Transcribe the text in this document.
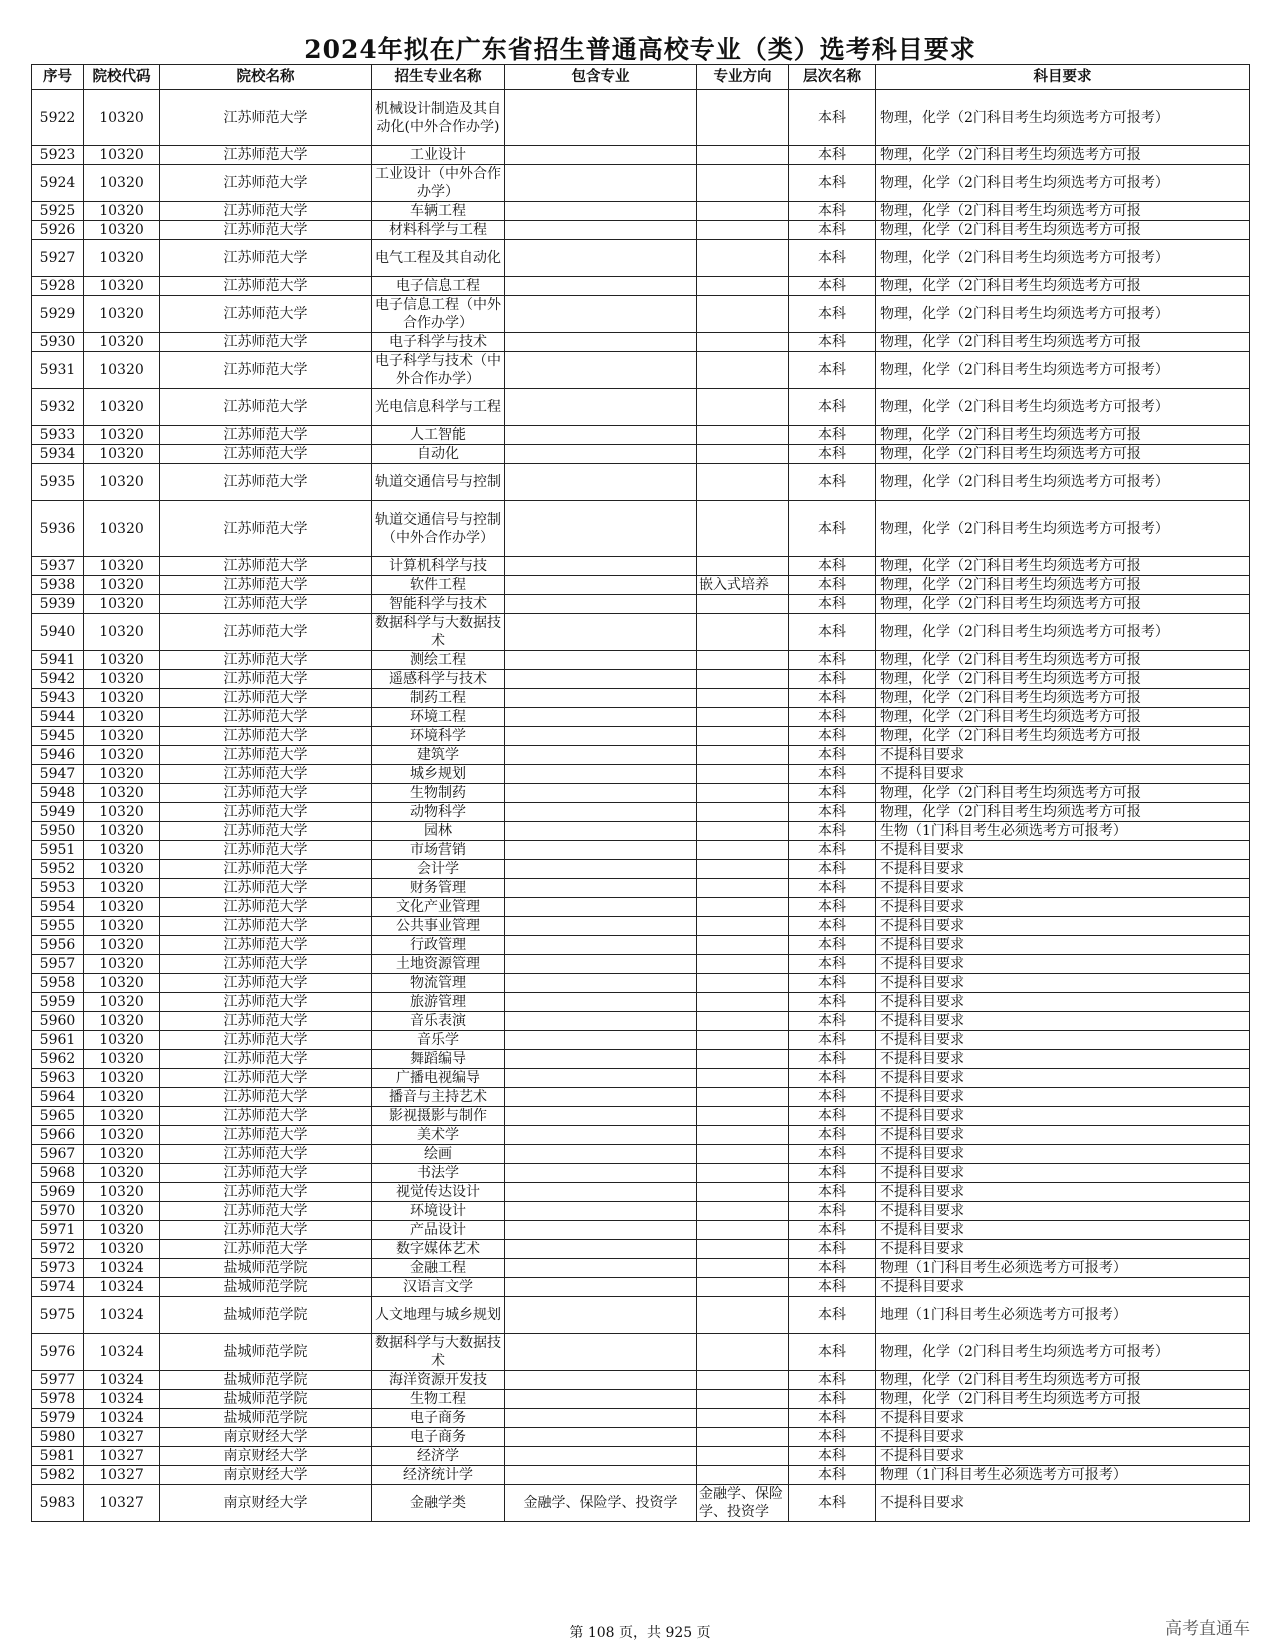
2024年拟在广东省招生普通高校专业（类）选考科目要求
序号	院校代码	院校名称	招生专业名称	包含专业	专业方向	层次名称	科目要求
5922	10320	江苏师范大学	机械设计制造及其自动化(中外合作办学)			本科	物理，化学（2门科目考生均须选考方可报考）
5923	10320	江苏师范大学	工业设计			本科	物理，化学（2门科目考生均须选考方可报
5924	10320	江苏师范大学	工业设计（中外合作办学）			本科	物理，化学（2门科目考生均须选考方可报考）
5925	10320	江苏师范大学	车辆工程			本科	物理，化学（2门科目考生均须选考方可报
5926	10320	江苏师范大学	材料科学与工程			本科	物理，化学（2门科目考生均须选考方可报
5927	10320	江苏师范大学	电气工程及其自动化			本科	物理，化学（2门科目考生均须选考方可报考）
5928	10320	江苏师范大学	电子信息工程			本科	物理，化学（2门科目考生均须选考方可报
5929	10320	江苏师范大学	电子信息工程（中外合作办学）			本科	物理，化学（2门科目考生均须选考方可报考）
5930	10320	江苏师范大学	电子科学与技术			本科	物理，化学（2门科目考生均须选考方可报
5931	10320	江苏师范大学	电子科学与技术（中外合作办学）			本科	物理，化学（2门科目考生均须选考方可报考）
5932	10320	江苏师范大学	光电信息科学与工程			本科	物理，化学（2门科目考生均须选考方可报考）
5933	10320	江苏师范大学	人工智能			本科	物理，化学（2门科目考生均须选考方可报
5934	10320	江苏师范大学	自动化			本科	物理，化学（2门科目考生均须选考方可报
5935	10320	江苏师范大学	轨道交通信号与控制			本科	物理，化学（2门科目考生均须选考方可报考）
5936	10320	江苏师范大学	轨道交通信号与控制（中外合作办学）			本科	物理，化学（2门科目考生均须选考方可报考）
5937	10320	江苏师范大学	计算机科学与技			本科	物理，化学（2门科目考生均须选考方可报
5938	10320	江苏师范大学	软件工程		嵌入式培养	本科	物理，化学（2门科目考生均须选考方可报
5939	10320	江苏师范大学	智能科学与技术			本科	物理，化学（2门科目考生均须选考方可报
5940	10320	江苏师范大学	数据科学与大数据技术			本科	物理，化学（2门科目考生均须选考方可报考）
5941	10320	江苏师范大学	测绘工程			本科	物理，化学（2门科目考生均须选考方可报
5942	10320	江苏师范大学	遥感科学与技术			本科	物理，化学（2门科目考生均须选考方可报
5943	10320	江苏师范大学	制药工程			本科	物理，化学（2门科目考生均须选考方可报
5944	10320	江苏师范大学	环境工程			本科	物理，化学（2门科目考生均须选考方可报
5945	10320	江苏师范大学	环境科学			本科	物理，化学（2门科目考生均须选考方可报
5946	10320	江苏师范大学	建筑学			本科	不提科目要求
5947	10320	江苏师范大学	城乡规划			本科	不提科目要求
5948	10320	江苏师范大学	生物制药			本科	物理，化学（2门科目考生均须选考方可报
5949	10320	江苏师范大学	动物科学			本科	物理，化学（2门科目考生均须选考方可报
5950	10320	江苏师范大学	园林			本科	生物（1门科目考生必须选考方可报考）
5951	10320	江苏师范大学	市场营销			本科	不提科目要求
5952	10320	江苏师范大学	会计学			本科	不提科目要求
5953	10320	江苏师范大学	财务管理			本科	不提科目要求
5954	10320	江苏师范大学	文化产业管理			本科	不提科目要求
5955	10320	江苏师范大学	公共事业管理			本科	不提科目要求
5956	10320	江苏师范大学	行政管理			本科	不提科目要求
5957	10320	江苏师范大学	土地资源管理			本科	不提科目要求
5958	10320	江苏师范大学	物流管理			本科	不提科目要求
5959	10320	江苏师范大学	旅游管理			本科	不提科目要求
5960	10320	江苏师范大学	音乐表演			本科	不提科目要求
5961	10320	江苏师范大学	音乐学			本科	不提科目要求
5962	10320	江苏师范大学	舞蹈编导			本科	不提科目要求
5963	10320	江苏师范大学	广播电视编导			本科	不提科目要求
5964	10320	江苏师范大学	播音与主持艺术			本科	不提科目要求
5965	10320	江苏师范大学	影视摄影与制作			本科	不提科目要求
5966	10320	江苏师范大学	美术学			本科	不提科目要求
5967	10320	江苏师范大学	绘画			本科	不提科目要求
5968	10320	江苏师范大学	书法学			本科	不提科目要求
5969	10320	江苏师范大学	视觉传达设计			本科	不提科目要求
5970	10320	江苏师范大学	环境设计			本科	不提科目要求
5971	10320	江苏师范大学	产品设计			本科	不提科目要求
5972	10320	江苏师范大学	数字媒体艺术			本科	不提科目要求
5973	10324	盐城师范学院	金融工程			本科	物理（1门科目考生必须选考方可报考）
5974	10324	盐城师范学院	汉语言文学			本科	不提科目要求
5975	10324	盐城师范学院	人文地理与城乡规划			本科	地理（1门科目考生必须选考方可报考）
5976	10324	盐城师范学院	数据科学与大数据技术			本科	物理，化学（2门科目考生均须选考方可报考）
5977	10324	盐城师范学院	海洋资源开发技			本科	物理，化学（2门科目考生均须选考方可报
5978	10324	盐城师范学院	生物工程			本科	物理，化学（2门科目考生均须选考方可报
5979	10324	盐城师范学院	电子商务			本科	不提科目要求
5980	10327	南京财经大学	电子商务			本科	不提科目要求
5981	10327	南京财经大学	经济学			本科	不提科目要求
5982	10327	南京财经大学	经济统计学			本科	物理（1门科目考生必须选考方可报考）
5983	10327	南京财经大学	金融学类	金融学、保险学、投资学	金融学、保险学、投资学	本科	不提科目要求
第 108 页，共 925 页	高考直通车
